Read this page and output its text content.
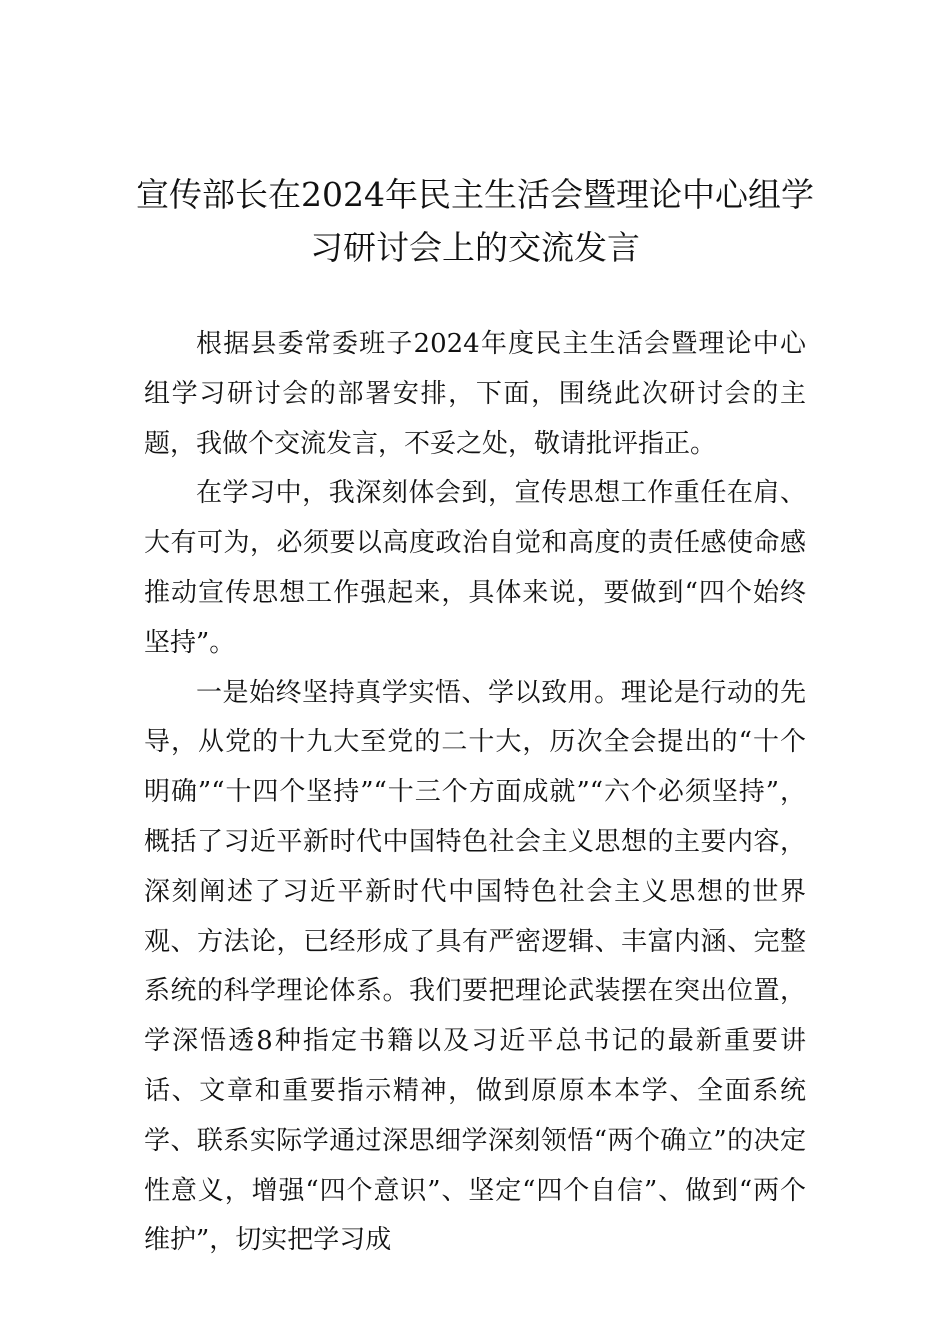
宣传部长在2024年民主生活会暨理论中心组学习研讨会上的交流发言

根据县委常委班子2024年度民主生活会暨理论中心组学习研讨会的部署安排，下面，围绕此次研讨会的主题，我做个交流发言，不妥之处，敬请批评指正。

在学习中，我深刻体会到，宣传思想工作重任在肩、大有可为，必须要以高度政治自觉和高度的责任感使命感推动宣传思想工作强起来，具体来说，要做到“四个始终坚持”。

一是始终坚持真学实悟、学以致用。理论是行动的先导，从党的十九大至党的二十大，历次全会提出的“十个明确”“十四个坚持”“十三个方面成就”“六个必须坚持”，概括了习近平新时代中国特色社会主义思想的主要内容，深刻阐述了习近平新时代中国特色社会主义思想的世界观、方法论，已经形成了具有严密逻辑、丰富内涵、完整系统的科学理论体系。我们要把理论武装摆在突出位置，学深悟透8种指定书籍以及习近平总书记的最新重要讲话、文章和重要指示精神，做到原原本本学、全面系统学、联系实际学通过深思细学深刻领悟“两个确立”的决定性意义，增强“四个意识”、坚定“四个自信”、做到“两个维护”，切实把学习成
